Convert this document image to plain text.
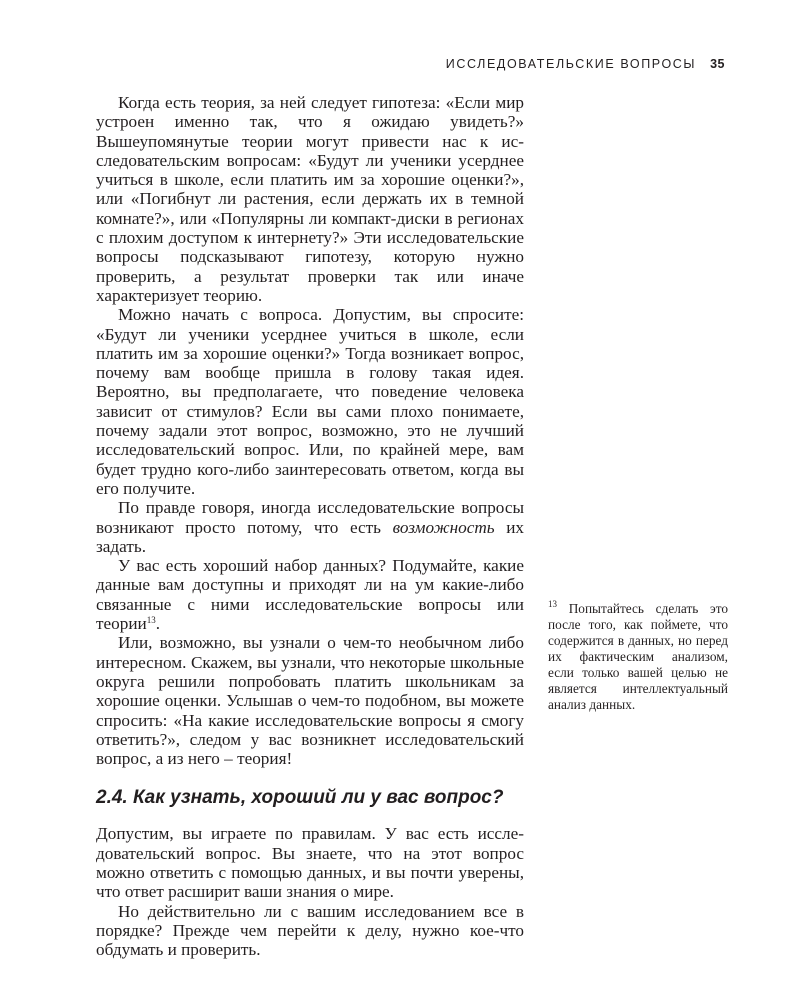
ИССЛЕДОВАТЕЛЬСКИЕ ВОПРОСЫ 35

Когда есть теория, за ней следует гипотеза: «Если мир устроен именно так, что я ожидаю увидеть?» Вышеупомянутые теории могут привести нас к исследовательским вопросам: «Будут ли ученики усерднее учиться в школе, если платить им за хорошие оценки?», или «Погибнут ли растения, если держать их в темной комнате?», или «Популярны ли компакт-диски в регионах с плохим доступом к интернету?» Эти исследовательские вопросы подсказывают гипотезу, которую нужно проверить, а результат проверки так или иначе характеризует теорию.

Можно начать с вопроса. Допустим, вы спросите: «Будут ли ученики усерднее учиться в школе, если платить им за хорошие оценки?» Тогда возникает вопрос, почему вам вообще пришла в голову такая идея. Вероятно, вы предполагаете, что поведение человека зависит от стимулов? Если вы сами плохо понимаете, почему задали этот вопрос, возможно, это не лучший исследовательский вопрос. Или, по крайней мере, вам будет трудно кого-либо заинтересовать ответом, когда вы его получите.

По правде говоря, иногда исследовательские вопросы возникают просто потому, что есть возможность их задать.

У вас есть хороший набор данных? Подумайте, какие данные вам доступны и приходят ли на ум какие-либо связанные с ними исследовательские вопросы или теории$^{13}$.

Или, возможно, вы узнали о чем-то необычном либо интересном. Скажем, вы узнали, что некоторые школьные округа решили попробовать платить школьникам за хорошие оценки. Услышав о чем-то подобном, вы можете спросить: «На какие исследовательские вопросы я смогу ответить?», следом у вас возникнет исследовательский вопрос, а из него – теория!

2.4. Как узнать, хороший ли у вас вопрос?

Допустим, вы играете по правилам. У вас есть исследовательский вопрос. Вы знаете, что на этот вопрос можно ответить с помощью данных, и вы почти уверены, что ответ расширит ваши знания о мире.

Но действительно ли с вашим исследованием все в порядке? Прежде чем перейти к делу, нужно кое-что обдумать и проверить.

$^{13}$ Попытайтесь сделать это после того, как поймете, что содержится в данных, но перед их фактическим анализом, если только вашей целью не является интеллектуальный анализ данных.
